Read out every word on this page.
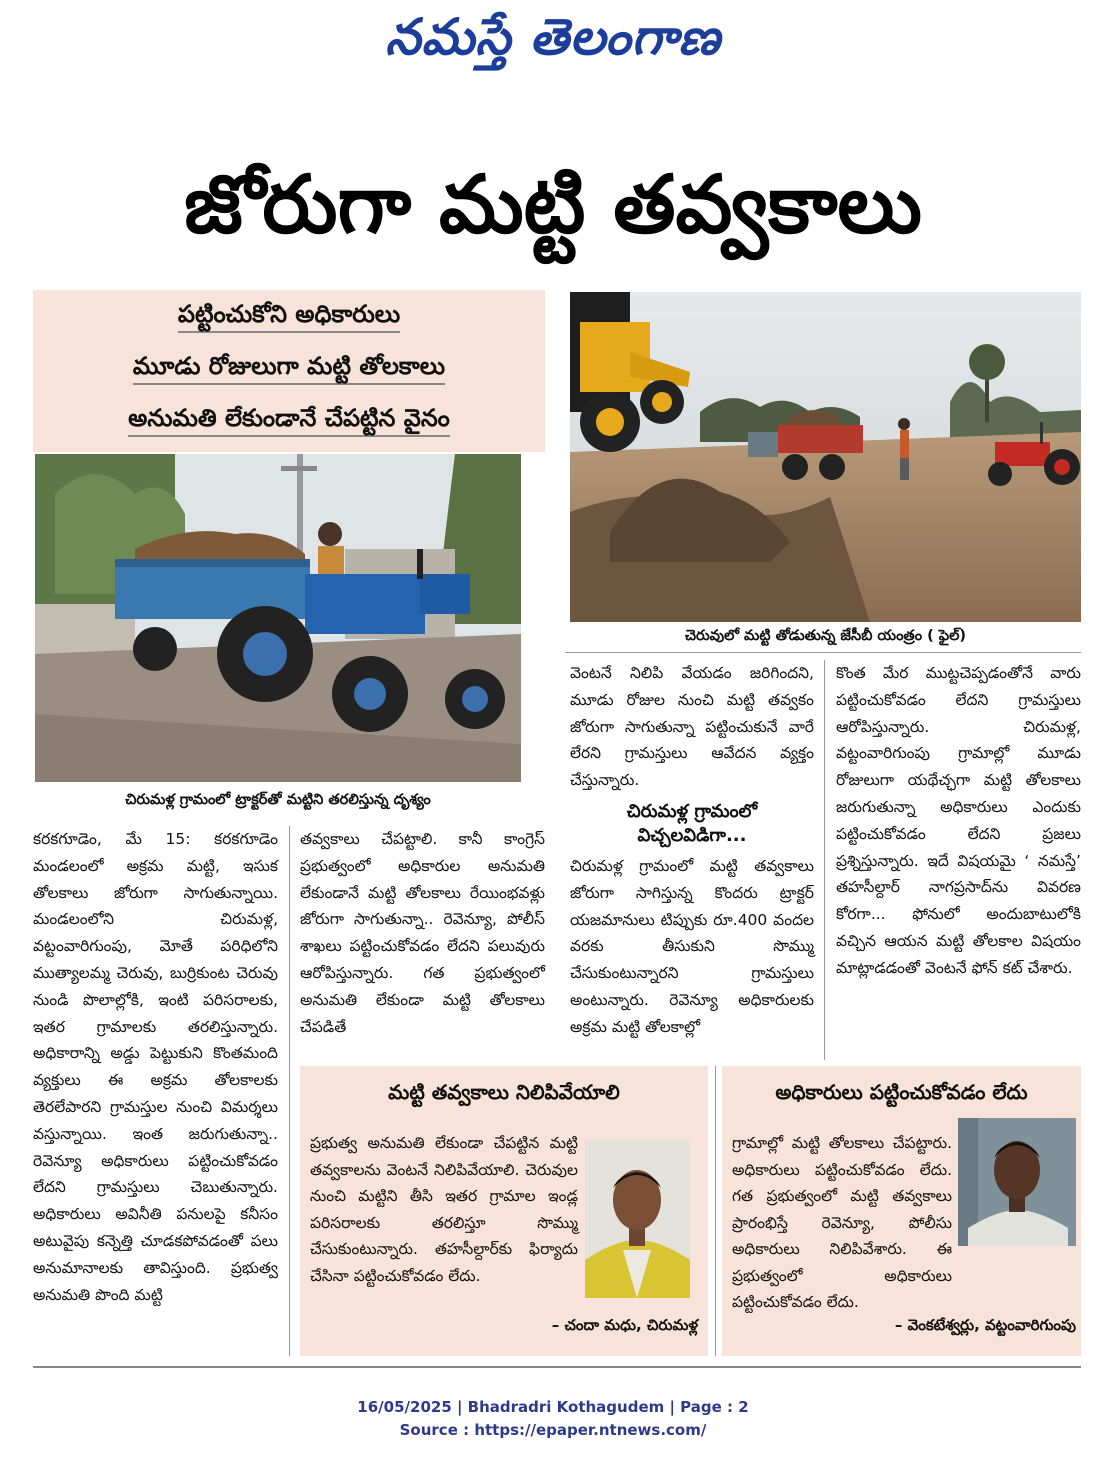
నమస్తే తెలంగాణ
జోరుగా మట్టి తవ్వకాలు
పట్టించుకోని అధికారులు
మూడు రోజులుగా మట్టి తోలకాలు
అనుమతి లేకుండానే చేపట్టిన వైనం
చెరువులో మట్టి తోడుతున్న జేసీబీ యంత్రం ( ఫైల్)
చిరుమళ్ల గ్రామంలో ట్రాక్టర్‌తో మట్టిని తరలిస్తున్న దృశ్యం

కరకగూడెం, మే 15: కరకగూడెం మండలంలో అక్రమ మట్టి, ఇసుక తోలకాలు జోరుగా సాగుతున్నాయి. మండలంలోని చిరుమళ్ల, వట్టంవారిగుంపు, మోతే పరిధిలోని ముత్యాలమ్మ చెరువు, బుర్రికుంట చెరువు నుండి పొలాల్లోకి, ఇంటి పరిసరాలకు, ఇతర గ్రామాలకు తరలిస్తున్నారు. అధికారాన్ని అడ్డు పెట్టుకుని కొంతమంది వ్యక్తులు ఈ అక్రమ తోలకాలకు తెరలేపారని గ్రామస్తుల నుంచి విమర్శలు వస్తున్నాయి. ఇంత జరుగుతున్నా.. రెవెన్యూ అధికారులు పట్టించుకోవడం లేదని గ్రామస్తులు చెబుతున్నారు. అధికారులు అవినీతి పనులపై కనీసం అటువైపు కన్నెత్తి చూడకపోవడంతో పలు అనుమానాలకు తావిస్తుంది. ప్రభుత్వ అనుమతి పొంది మట్టి

తవ్వకాలు చేపట్టాలి. కానీ కాంగ్రెస్ ప్రభుత్వంలో అధికారుల అనుమతి లేకుండానే మట్టి తోలకాలు రేయింభవళ్లు జోరుగా సాగుతున్నా.. రెవెన్యూ, పోలీస్ శాఖలు పట్టించుకోవడం లేదని పలువురు ఆరోపిస్తున్నారు. గత ప్రభుత్వంలో అనుమతి లేకుండా మట్టి తోలకాలు చేపడితే

వెంటనే నిలిపి వేయడం జరిగిందని, మూడు రోజుల నుంచి మట్టి తవ్వకం జోరుగా సాగుతున్నా పట్టించుకునే వారే లేరని గ్రామస్తులు ఆవేదన వ్యక్తం చేస్తున్నారు.

చిరుమళ్ల గ్రామంలో విచ్చలవిడిగా...

చిరుమళ్ల గ్రామంలో మట్టి తవ్వకాలు జోరుగా సాగిస్తున్న కొందరు ట్రాక్టర్ యజమానులు టిప్పుకు రూ.400 వందల వరకు తీసుకుని సొమ్ము చేసుకుంటున్నారని గ్రామస్తులు అంటున్నారు. రెవెన్యూ అధికారులకు అక్రమ మట్టి తోలకాల్లో

కొంత మేర ముట్టచెప్పడంతోనే వారు పట్టించుకోవడం లేదని గ్రామస్తులు ఆరోపిస్తున్నారు. చిరుమళ్ల, వట్టంవారిగుంపు గ్రామాల్లో మూడు రోజులుగా యథేచ్ఛగా మట్టి తోలకాలు జరుగుతున్నా అధికారులు ఎందుకు పట్టించుకోవడం లేదని ప్రజలు ప్రశ్నిస్తున్నారు. ఇదే విషయమై ‘ నమస్తే’ తహసీల్దార్ నాగప్రసాద్‌ను వివరణ కోరగా... ఫోనులో అందుబాటులోకి వచ్చిన ఆయన మట్టి తోలకాల విషయం మాట్లాడడంతో వెంటనే ఫోన్ కట్ చేశారు.

మట్టి తవ్వకాలు నిలిపివేయాలి
ప్రభుత్వ అనుమతి లేకుండా చేపట్టిన మట్టి తవ్వకాలను వెంటనే నిలిపివేయాలి. చెరువుల నుంచి మట్టిని తీసి ఇతర గ్రామాల ఇండ్ల పరిసరాలకు తరలిస్తూ సొమ్ము చేసుకుంటున్నారు. తహసీల్దార్‌కు ఫిర్యాదు చేసినా పట్టించుకోవడం లేదు.
– చందా మధు, చిరుమళ్ల
అధికారులు పట్టించుకోవడం లేదు
గ్రామాల్లో మట్టి తోలకాలు చేపట్టారు. అధికారులు పట్టించుకోవడం లేదు. గత ప్రభుత్వంలో మట్టి తవ్వకాలు ప్రారంభిస్తే రెవెన్యూ, పోలీసు అధికారులు నిలిపివేశారు. ఈ ప్రభుత్వంలో అధికారులు పట్టించుకోవడం లేదు.
– వెంకటేశ్వర్లు, వట్టంవారిగుంపు
16/05/2025 | Bhadradri Kothagudem | Page : 2
Source : https://epaper.ntnews.com/
